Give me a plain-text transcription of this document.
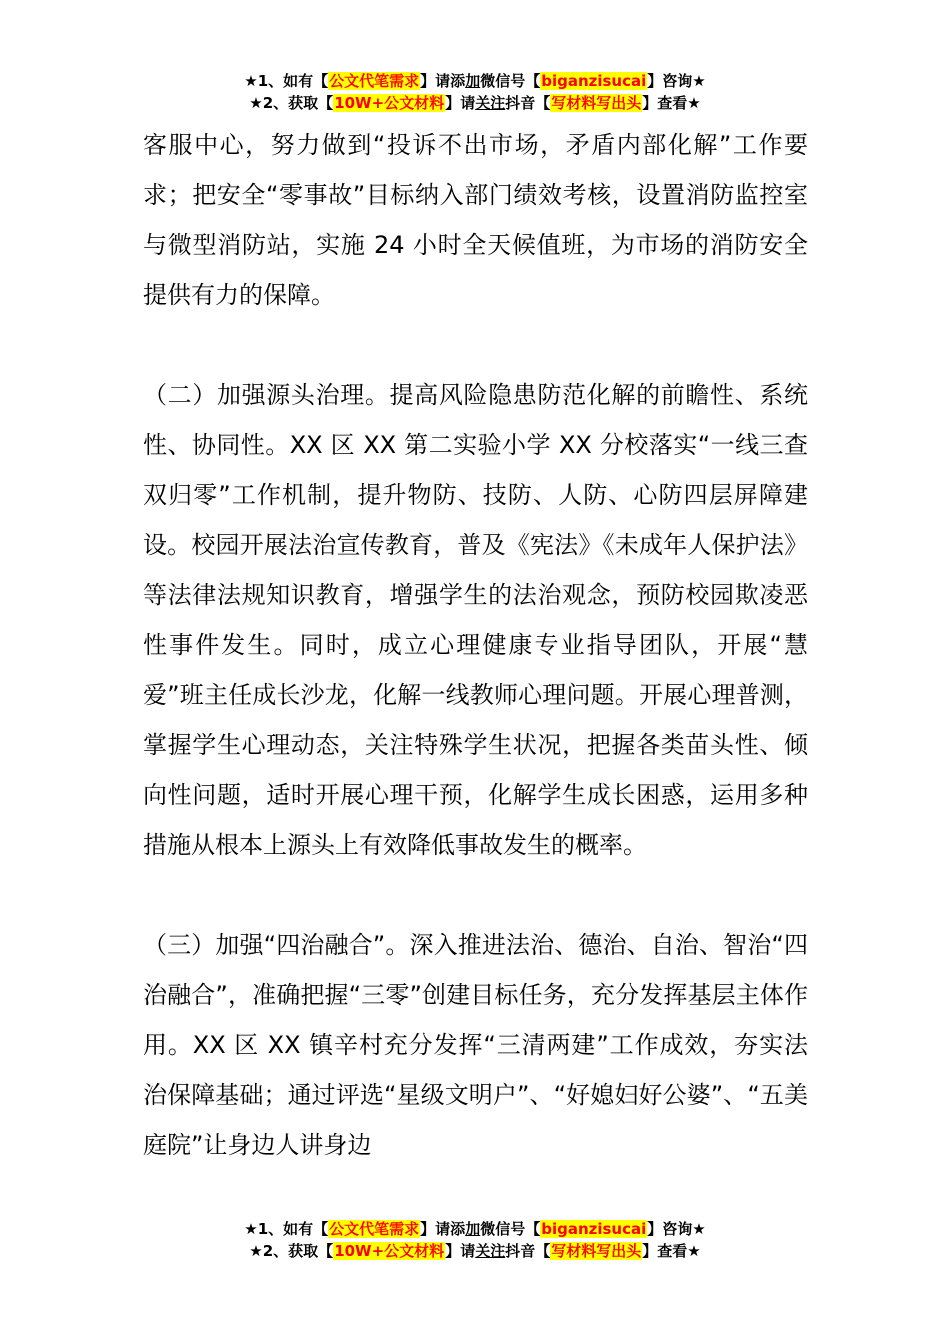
★1、如有【公文代笔需求】请添加微信号【biganzisucai】咨询★
★2、获取【10W+公文材料】请关注抖音【写材料写出头】查看★

客服中心，努力做到“投诉不出市场，矛盾内部化解”工作要求；把安全“零事故”目标纳入部门绩效考核，设置消防监控室与微型消防站，实施 24 小时全天候值班，为市场的消防安全提供有力的保障。

（二）加强源头治理。提高风险隐患防范化解的前瞻性、系统性、协同性。XX 区 XX 第二实验小学 XX 分校落实“一线三查双归零”工作机制，提升物防、技防、人防、心防四层屏障建设。校园开展法治宣传教育，普及《宪法》《未成年人保护法》等法律法规知识教育，增强学生的法治观念，预防校园欺凌恶性事件发生。同时，成立心理健康专业指导团队，开展“慧爱”班主任成长沙龙，化解一线教师心理问题。开展心理普测，掌握学生心理动态，关注特殊学生状况，把握各类苗头性、倾向性问题，适时开展心理干预，化解学生成长困惑，运用多种措施从根本上源头上有效降低事故发生的概率。

（三）加强“四治融合”。深入推进法治、德治、自治、智治“四治融合”，准确把握“三零”创建目标任务，充分发挥基层主体作用。XX 区 XX 镇辛村充分发挥“三清两建”工作成效，夯实法治保障基础；通过评选“星级文明户”、“好媳妇好公婆”、“五美庭院”让身边人讲身边

★1、如有【公文代笔需求】请添加微信号【biganzisucai】咨询★
★2、获取【10W+公文材料】请关注抖音【写材料写出头】查看★
